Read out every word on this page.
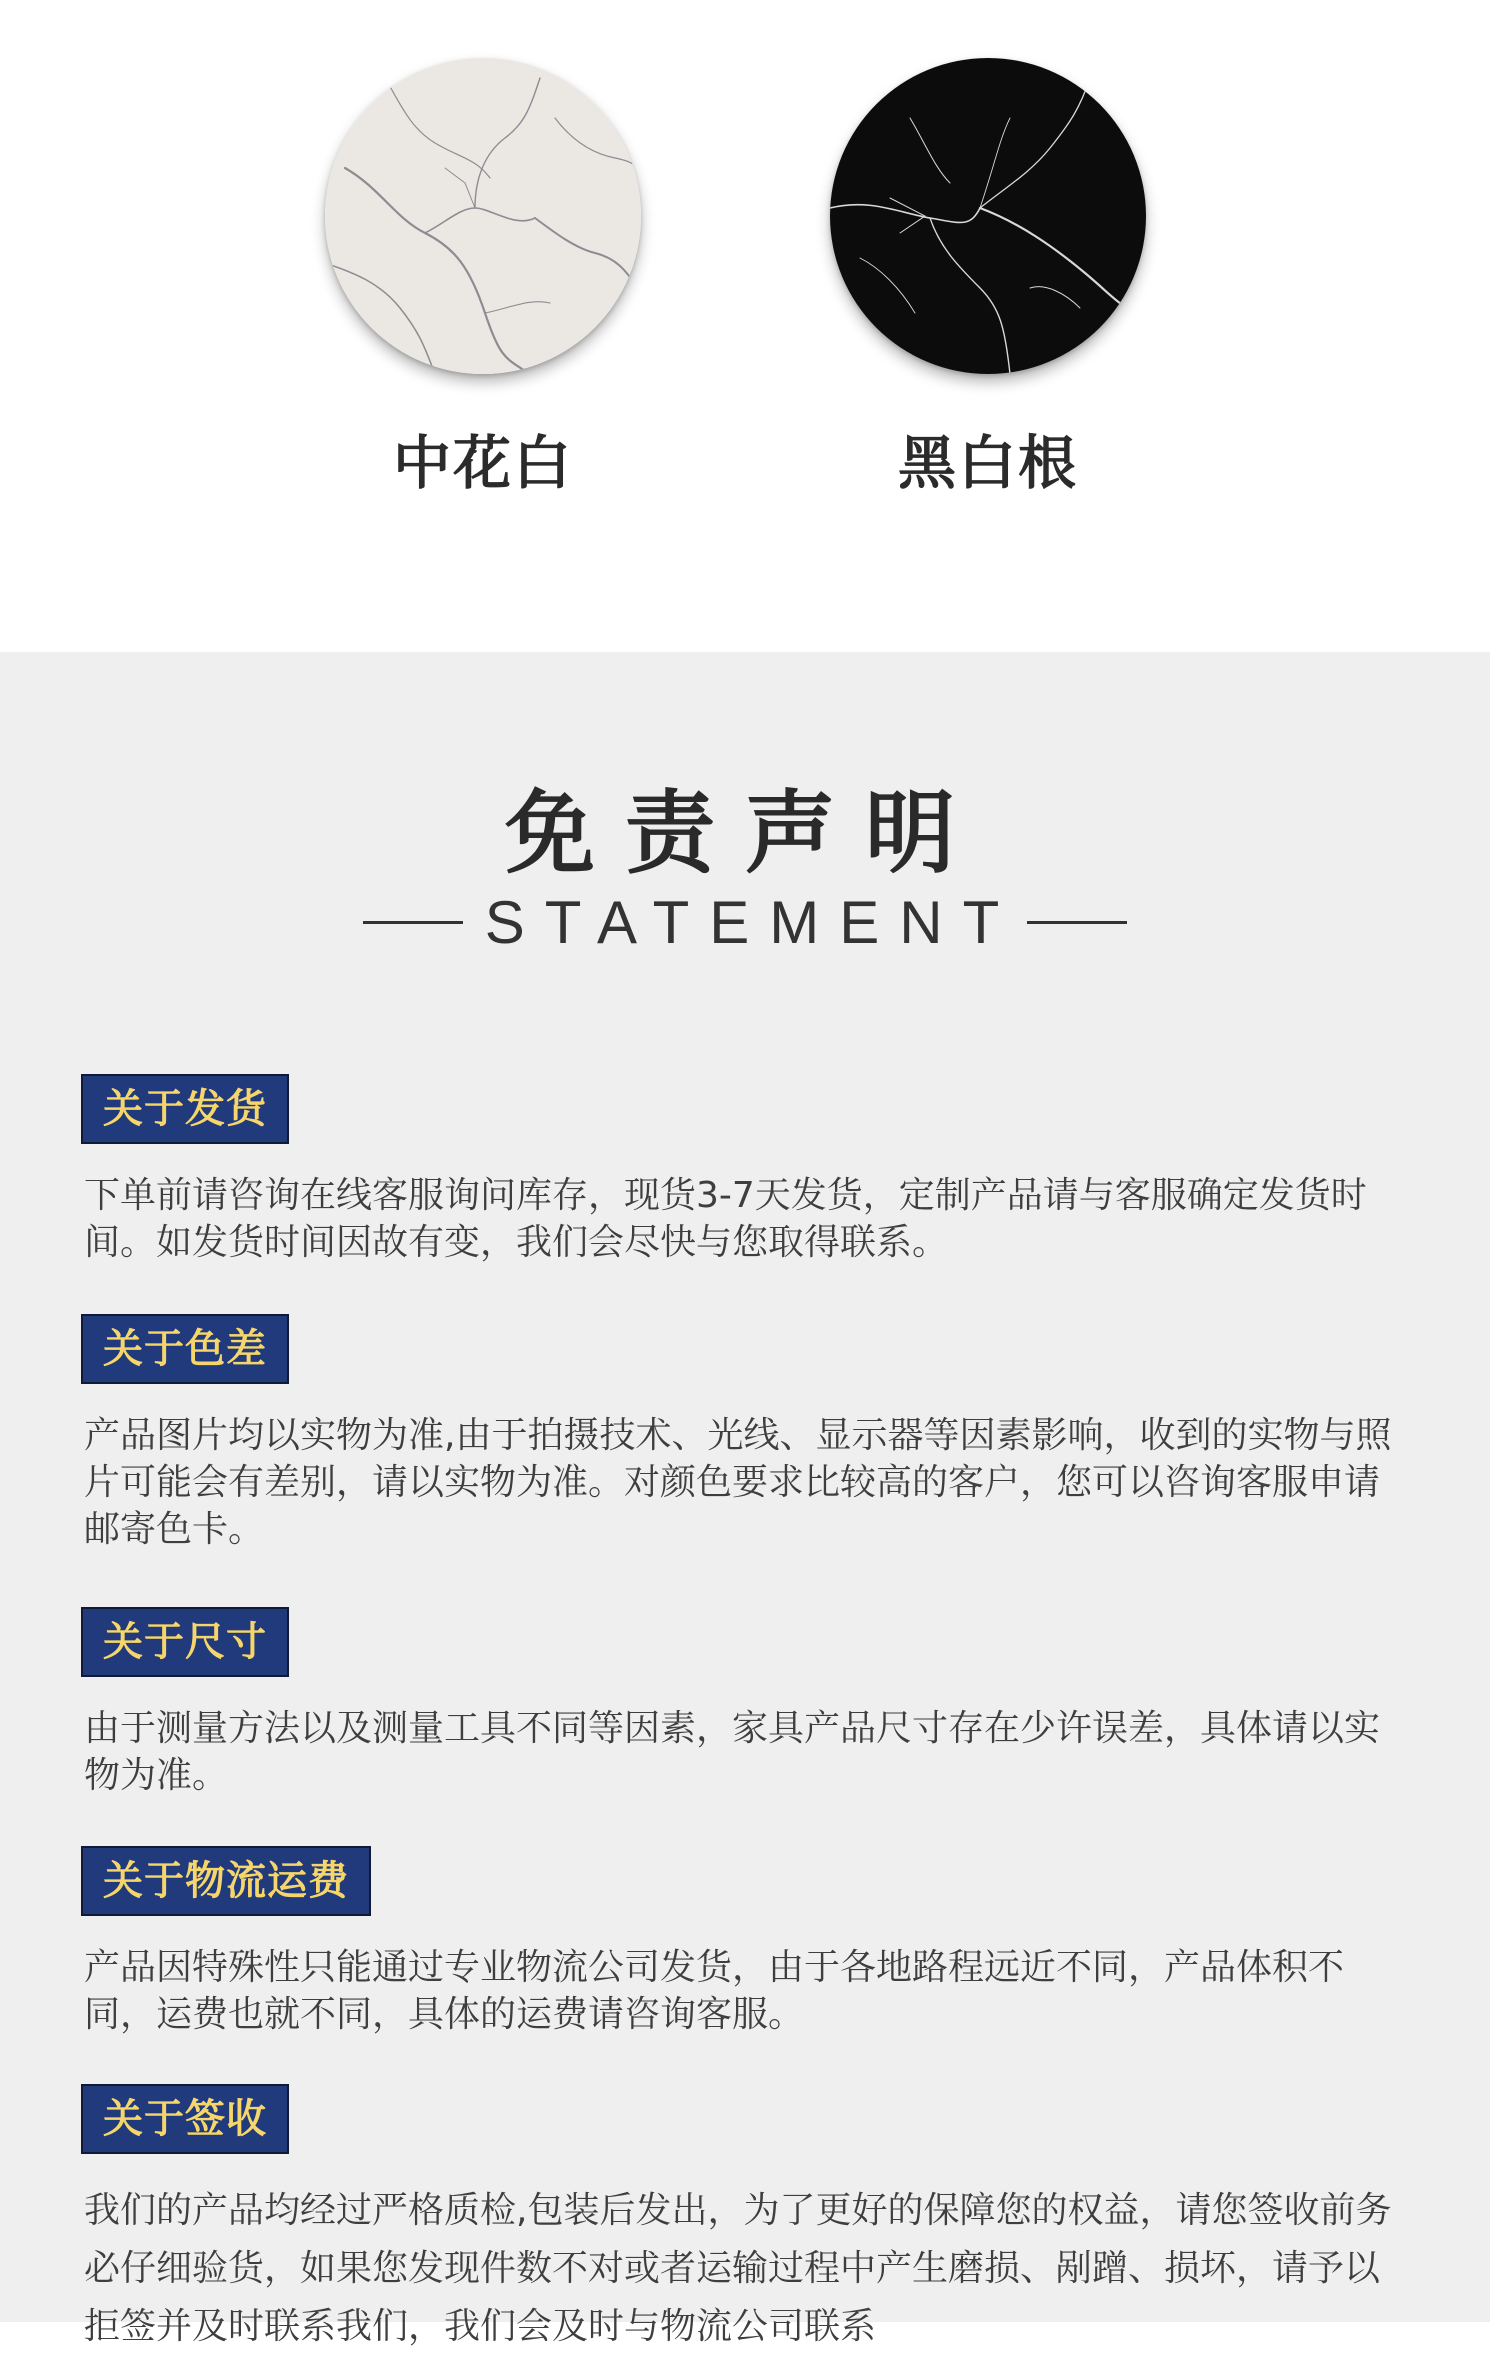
中花白	黑白根
免责声明
STATEMENT
关于发货

下单前请咨询在线客服询问库存，现货3-7天发货，定制产品请与客服确定发货时间。如发货时间因故有变，我们会尽快与您取得联系。

关于色差

产品图片均以实物为准,由于拍摄技术、光线、显示器等因素影响，收到的实物与照片可能会有差别，请以实物为准。对颜色要求比较高的客户，您可以咨询客服申请邮寄色卡。

关于尺寸

由于测量方法以及测量工具不同等因素，家具产品尺寸存在少许误差，具体请以实物为准。

关于物流运费

产品因特殊性只能通过专业物流公司发货，由于各地路程远近不同，产品体积不同，运费也就不同，具体的运费请咨询客服。

关于签收

我们的产品均经过严格质检,包装后发出，为了更好的保障您的权益，请您签收前务必仔细验货，如果您发现件数不对或者运输过程中产生磨损、剐蹭、损坏，请予以拒签并及时联系我们，我们会及时与物流公司联系
